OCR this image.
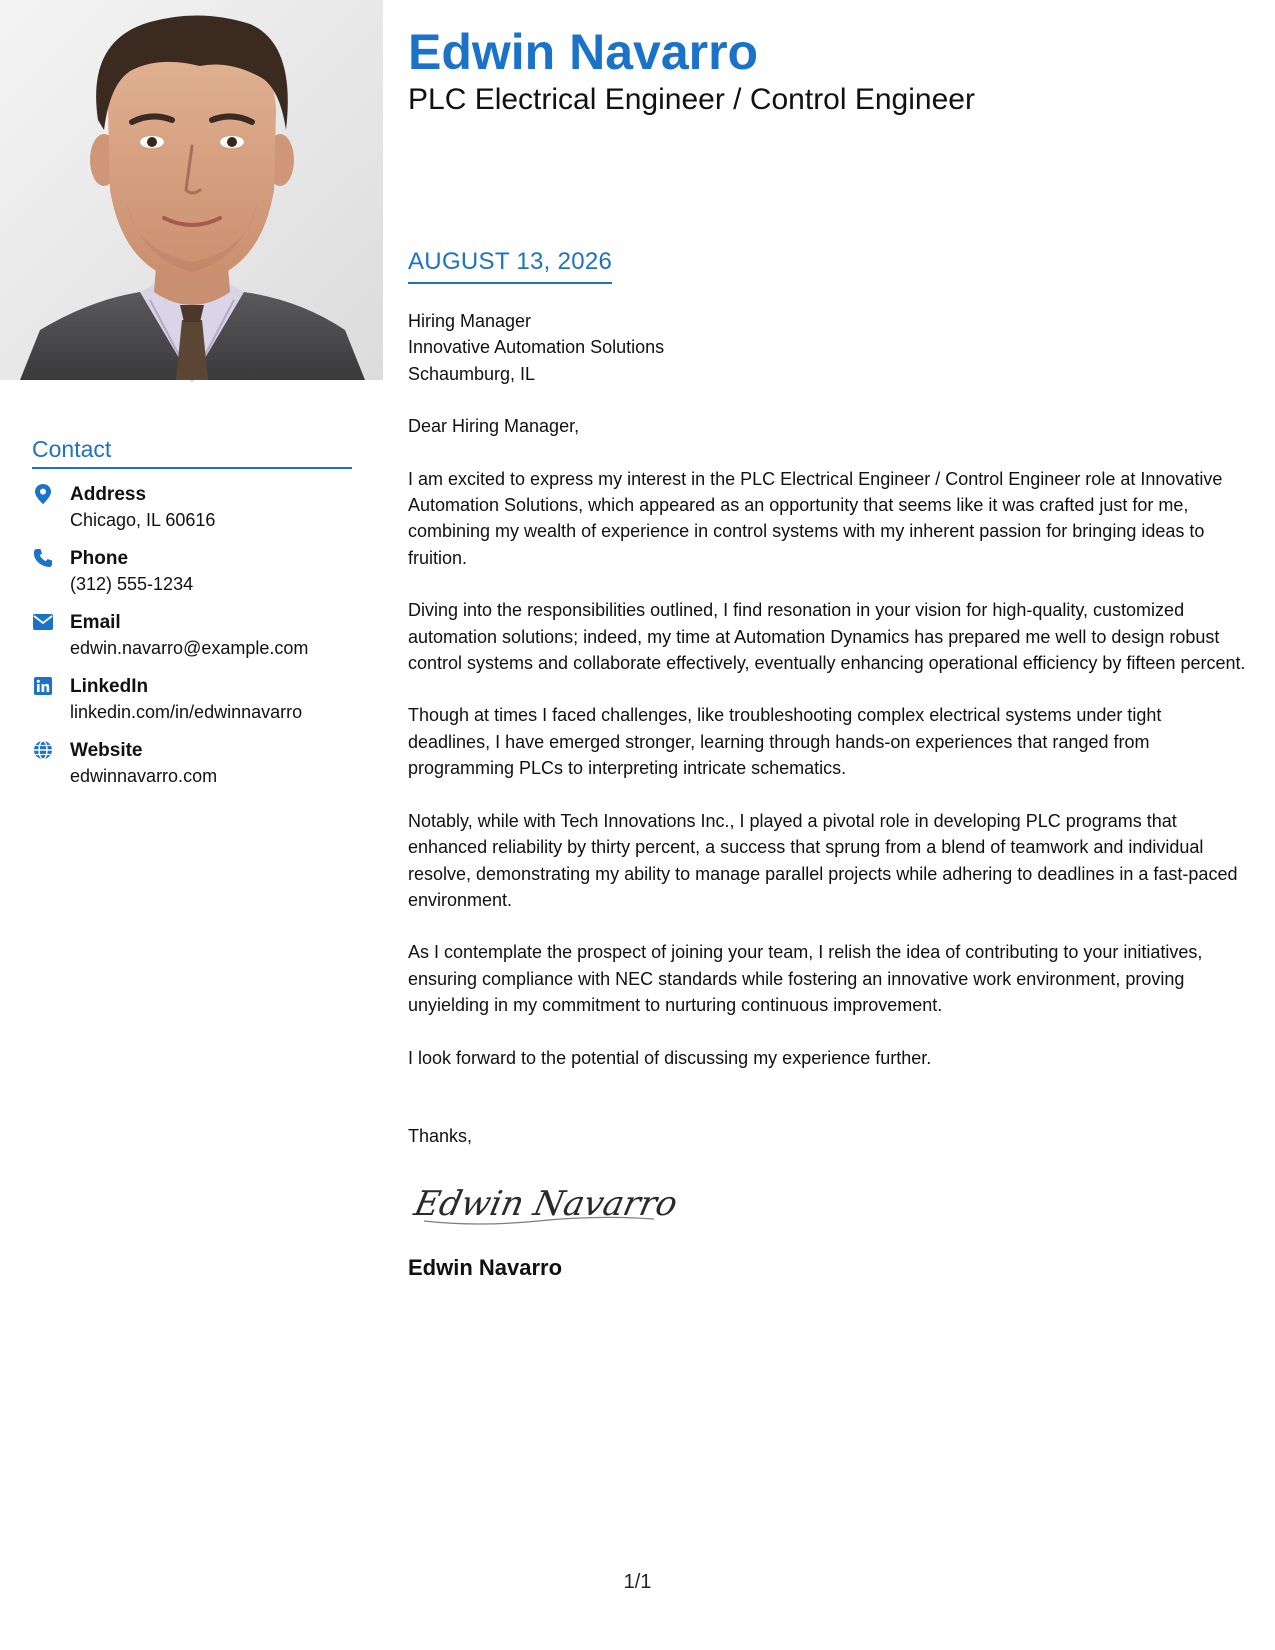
Contact
Address
Chicago, IL 60616
Phone
(312) 555-1234
Email
edwin.navarro@example.com
LinkedIn
linkedin.com/in/edwinnavarro
Website
edwinnavarro.com
Edwin Navarro
PLC Electrical Engineer / Control Engineer
AUGUST 13, 2026
Hiring Manager
Innovative Automation Solutions
Schaumburg, IL

Dear Hiring Manager,

I am excited to express my interest in the PLC Electrical Engineer / Control Engineer role at Innovative Automation Solutions, which appeared as an opportunity that seems like it was crafted just for me, combining my wealth of experience in control systems with my inherent passion for bringing ideas to fruition.

Diving into the responsibilities outlined, I find resonation in your vision for high-quality, customized automation solutions; indeed, my time at Automation Dynamics has prepared me well to design robust control systems and collaborate effectively, eventually enhancing operational efficiency by fifteen percent.

Though at times I faced challenges, like troubleshooting complex electrical systems under tight deadlines, I have emerged stronger, learning through hands-on experiences that ranged from programming PLCs to interpreting intricate schematics.

Notably, while with Tech Innovations Inc., I played a pivotal role in developing PLC programs that enhanced reliability by thirty percent, a success that sprung from a blend of teamwork and individual resolve, demonstrating my ability to manage parallel projects while adhering to deadlines in a fast-paced environment.

As I contemplate the prospect of joining your team, I relish the idea of contributing to your initiatives, ensuring compliance with NEC standards while fostering an innovative work environment, proving unyielding in my commitment to nurturing continuous improvement.

I look forward to the potential of discussing my experience further.

Thanks,

Edwin Navarro
Edwin Navarro
1/1
